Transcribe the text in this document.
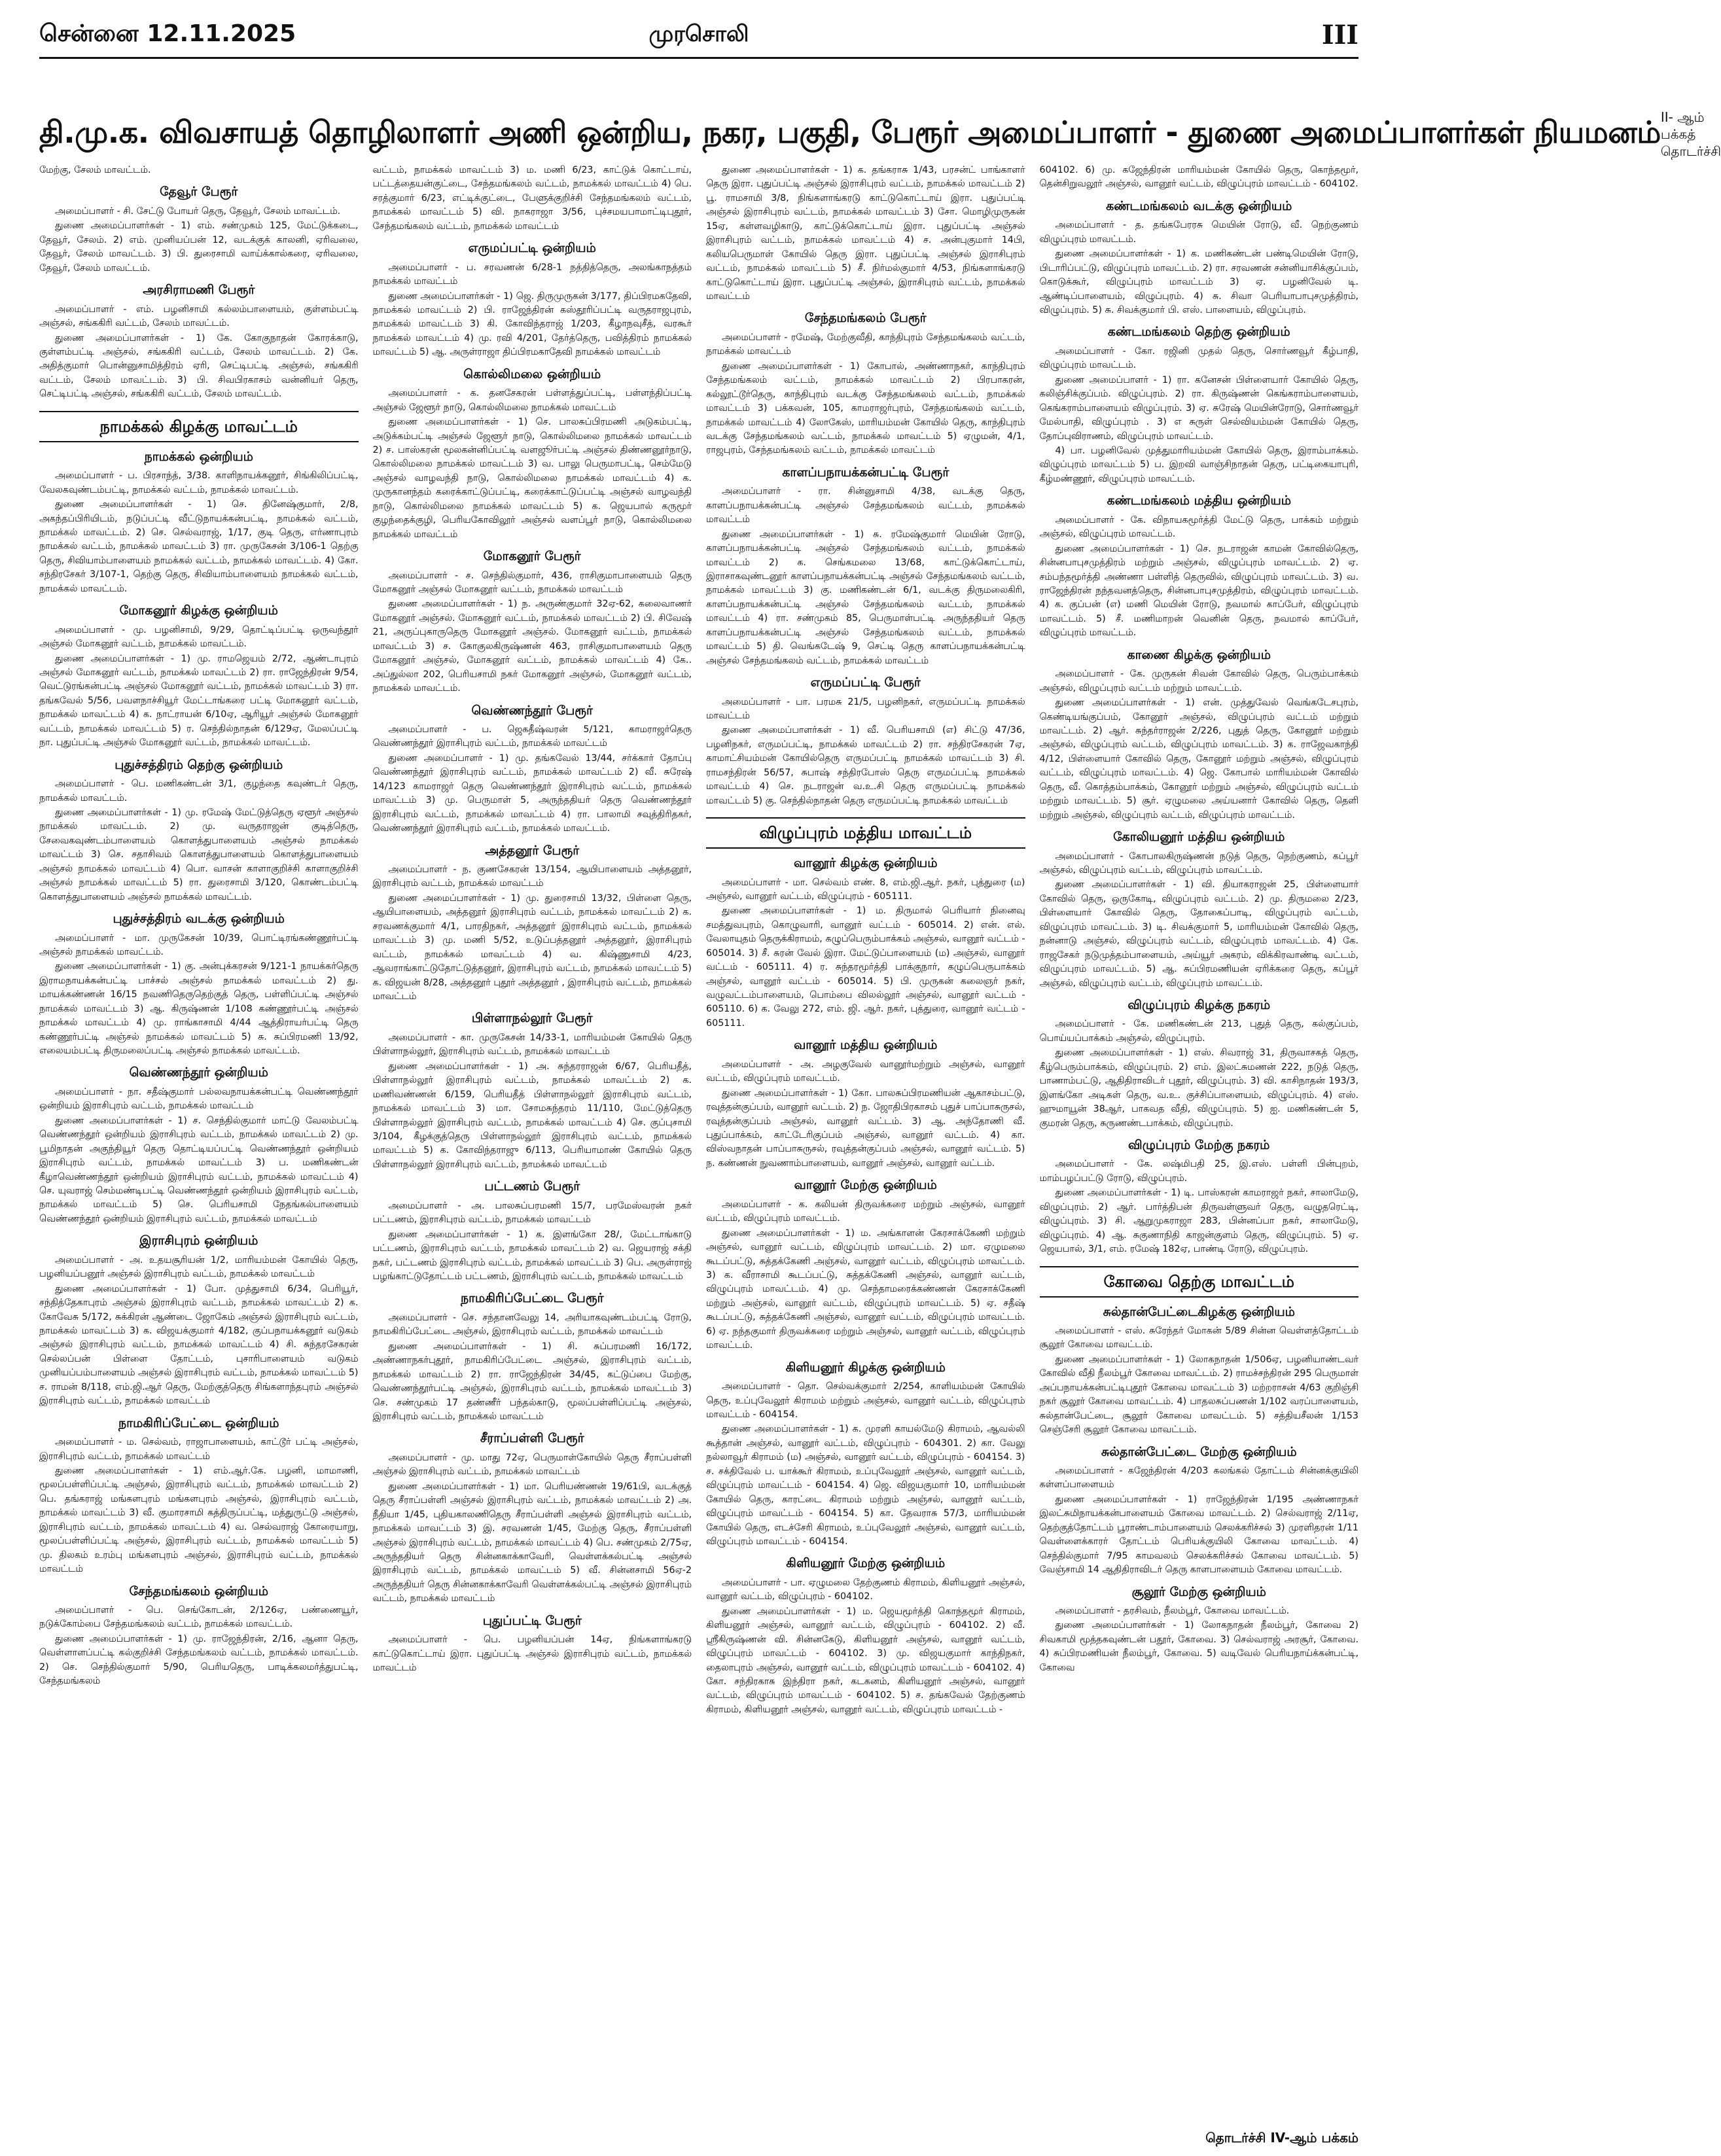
சென்னை 12.11.2025	முரசொலி	III
தி.மு.க. விவசாயத் தொழிலாளர் அணி ஒன்றிய, நகர, பகுதி, பேரூர் அமைப்பாளர் - துணை அமைப்பாளர்கள் நியமனம் II- ஆம் பக்கத் தொடர்ச்சி

மேற்கு, சேலம் மாவட்டம்.

தேவூர் பேரூர்

அமைப்பாளர் - சி. சேட்டு போயர் தெரு, தேவூர், சேலம் மாவட்டம்.

துணை அமைப்பாளர்கள் - 1) எம். சண்முகம் 125, மேட்டுக்கடை, தேவூர், சேலம். 2) எம். முனியப்பன் 12, வடக்குக் காலனி, ஏரிவலை, தேவூர், சேலம் மாவட்டம். 3) பி. துரைசாமி வாய்க்கால்கரை, ஏரிவலை, தேவூர், சேலம் மாவட்டம்.

அரசிராமணி பேரூர்

அமைப்பாளர் - எம். பழனிசாமி கல்லம்பாளையம், குள்ளம்பட்டி அஞ்சல், சங்ககிரி வட்டம், சேலம் மாவட்டம்.

துணை அமைப்பாளர்கள் - 1) கே. கோகுநாதன் கோரக்காடு, குள்ளம்பட்டி அஞ்சல், சங்ககிரி வட்டம், சேலம் மாவட்டம். 2) கே. அதித்குமார் பொன்னுசாமித்திரம் ஏரி, செட்டிபட்டி அஞ்சல், சங்ககிரி வட்டம், சேலம் மாவட்டம். 3) பி. சிவபிரகாசம் வன்னியர் தெரு, செட்டிபட்டி அஞ்சல், சங்ககிரி வட்டம், சேலம் மாவட்டம்.

நாமக்கல் கிழக்கு மாவட்டம்
நாமக்கல் ஒன்றியம்

அமைப்பாளர் - ப. பிரசாந்த், 3/38. காளிநாயக்கனூர், சிங்கிலிப்பட்டி, வேலகவுண்டம்பட்டி, நாமக்கல் வட்டம், நாமக்கல் மாவட்டம்.

துணை அமைப்பாளர்கள் - 1) செ. தினேஷ்குமார், 2/8, அகந்தப்பிரியிடம், நடுப்பட்டி வீட்டுநாயக்கன்பட்டி, நாமக்கல் வட்டம், நாமக்கல் மாவட்டம். 2) செ. செல்வராஜ், 1/17, குடி தெரு, எர்ணாபுரம் நாமக்கல் வட்டம், நாமக்கல் மாவட்டம் 3) ரா. முருகேசன் 3/106-1 தெற்கு தெரு, சிவியாம்பாளையம் நாமக்கல் வட்டம், நாமக்கல் மாவட்டம். 4) கோ. சந்திரசேகர் 3/107-1, தெற்கு தெரு, சிவியாம்பாளையம் நாமக்கல் வட்டம், நாமக்கல் மாவட்டம்.

மோகனூர் கிழக்கு ஒன்றியம்

அமைப்பாளர் - மு. பழனிசாமி, 9/29, தொட்டிப்பட்டி ஒருவந்தூர் அஞ்சல் மோகனூர் வட்டம், நாமக்கல் மாவட்டம்.

துணை அமைப்பாளர்கள் - 1) மு. ராமஜெயம் 2/72, ஆண்டாபுரம் அஞ்சல் மோகனூர் வட்டம், நாமக்கல் மாவட்டம் 2) ரா. ராஜேந்திரன் 9/54, வெட்டுரங்கன்பட்டி அஞ்சல் மோகனூர் வட்டம், நாமக்கல் மாவட்டம் 3) ரா. தங்கவேல் 5/56, பவளநாச்சியூர் மேட்டாங்கரை பட்டி மோகனூர் வட்டம், நாமக்கல் மாவட்டம் 4) க. நாட்ராயன் 6/10ஏ, ஆரியூர் அஞ்சல் மோகனூர் வட்டம், நாமக்கல் மாவட்டம் 5) ர. செந்தில்நாதன் 6/129ஏ, மேலப்பட்டி நா. புதுப்பட்டி அஞ்சல் மோகனூர் வட்டம், நாமக்கல் மாவட்டம்.

புதுச்சத்திரம் தெற்கு ஒன்றியம்

அமைப்பாளர் - பெ. மணிகண்டன் 3/1, குழந்தை கவுண்டர் தெரு, நாமக்கல் மாவட்டம்.

துணை அமைப்பாளர்கள் - 1) மு. ரமேஷ் மேட்டுத்தெரு ஏளூர் அஞ்சல் நாமக்கல் மாவட்டம். 2) மு. வருதராஜன் குடித்தெரு, சேவைகவுண்டம்பாளையம் கொளத்துபாளையம் அஞ்சல் நாமக்கல் மாவட்டம் 3) செ. சதாசிவம் கொளத்துபாளையம் கொளத்துபாளையம் அஞ்சல் நாமக்கல் மாவட்டம் 4) பொ. வாசன் காளாகுறிச்சி காளாகுறிச்சி அஞ்சல் நாமக்கல் மாவட்டம் 5) ரா. துரைசாமி 3/120, கொண்டம்பட்டி கொளத்துபாளையம் அஞ்சல் நாமக்கல் மாவட்டம்.

புதுச்சத்திரம் வடக்கு ஒன்றியம்

அமைப்பாளர் - மா. முருகேசன் 10/39, பொட்டிரங்கண்ணூர்பட்டி அஞ்சல் நாமக்கல் மாவட்டம்.

துணை அமைப்பாளர்கள் - 1) கு. அன்புக்கரசன் 9/121-1 நாயக்கர்தெரு இராமநாயக்கன்பட்டி பாச்சல் அஞ்சல் நாமக்கல் மாவட்டம் 2) து. மாயக்கண்ணன் 16/15 நவணிதெருதெற்குத் தெரு, பள்ளிப்பட்டி அஞ்சல் நாமக்கல் மாவட்டம் 3) ஆ. கிருஷ்ணன் 1/108 கண்ணூர்பட்டி அஞ்சல் நாமக்கல் மாவட்டம் 4) மு. ராங்காசாமி 4/44 ஆத்திராயர்பட்டி தெரு கண்ணூர்பட்டி அஞ்சல் நாமக்கல் மாவட்டம் 5) சு. சுப்பிரமணி 13/92, எலையம்பட்டி திருமலைப்பட்டி அஞ்சல் நாமக்கல் மாவட்டம்.

வெண்ணந்தூர் ஒன்றியம்

அமைப்பாளர் - நா. சதீஷ்குமார் பல்லவநாயக்கன்பட்டி வெண்ணந்தூர் ஒன்றியம் இராசிபுரம் வட்டம், நாமக்கல் மாவட்டம்

துணை அமைப்பாளர்கள் - 1) ச. செந்தில்குமார் மாட்டு வேலம்பட்டி வெண்ணந்தூர் ஒன்றியம் இராசிபுரம் வட்டம், நாமக்கல் மாவட்டம் 2) மு. பூமிநாதன் அகுந்தியூர் தெரு தொட்டியப்பட்டி வெண்ணந்தூர் ஒன்றியம் இராசிபுரம் வட்டம், நாமக்கல் மாவட்டம் 3) ப. மணிகண்டன் கீழாவெண்ணந்தூர் ஒன்றியம் இராசிபுரம் வட்டம், நாமக்கல் மாவட்டம் 4) செ. யுவராஜ் செம்மண்டிபட்டி வெண்ணந்தூர் ஒன்றியம் இராசிபுரம் வட்டம், நாமக்கல் மாவட்டம் 5) செ. பெரியசாமி நேதங்கல்பாளையம் வெண்ணந்தூர் ஒன்றியம் இராசிபுரம் வட்டம், நாமக்கல் மாவட்டம்

இராசிபுரம் ஒன்றியம்

அமைப்பாளர் - அ. உதயசூரியன் 1/2, மாரியம்மன் கோயில் தெரு, பழனியப்பனூர் அஞ்சல் இராசிபுரம் வட்டம், நாமக்கல் மாவட்டம்

துணை அமைப்பாளர்கள் - 1) போ. முத்துசாமி 6/34, பெரியூர், சந்தித்தேகாபுரம் அஞ்சல் இராசிபுரம் வட்டம், நாமக்கல் மாவட்டம் 2) க. கோவேசு 5/172, சுக்கிரன் ஆண்டை ஜோகேம் அஞ்சல் இராசிபுரம் வட்டம், நாமக்கல் மாவட்டம் 3) க. விஜயக்குமார் 4/182, குப்பநாயக்கனூர் வடுகம் அஞ்சல் இராசிபுரம் வட்டம், நாமக்கல் மாவட்டம் 4) சி. சுந்தரசேகரன் செல்லப்பன் பிள்ளை தோட்டம், புசாரிபாளையம் வடுகம் முனியப்பம்பாளையம் அஞ்சல் இராசிபுரம் வட்டம், நாமக்கல் மாவட்டம் 5) ச. ராமன் 8/118, எம்.ஜி.ஆர் தெரு, மேற்குத்தெரு சிங்களாந்தபுரம் அஞ்சல் இராசிபுரம் வட்டம், நாமக்கல் மாவட்டம்

நாமகிரிப்பேட்டை ஒன்றியம்

அமைப்பாளர் - ம. செல்வம், ராஜாபாளையம், காட்டூர் பட்டி அஞ்சல், இராசிபுரம் வட்டம், நாமக்கல் மாவட்டம்

துணை அமைப்பாளர்கள் - 1) எம்.ஆர்.கே. பழனி, மாமாணி, மூலப்பள்ளிப்பட்டி அஞ்சல், இராசிபுரம் வட்டம், நாமக்கல் மாவட்டம் 2) பெ. தங்கராஜ் மங்களபுரம் மங்களபுரம் அஞ்சல், இராசிபுரம் வட்டம், நாமக்கல் மாவட்டம் 3) வீ. குமாரசாமி கத்திருப்பட்டி, மத்துருட்டு அஞ்சல், இராசிபுரம் வட்டம், நாமக்கல் மாவட்டம் 4) வ. செல்வராஜ் கோரையாறு, மூலப்பள்ளிப்பட்டி அஞ்சல், இராசிபுரம் வட்டம், நாமக்கல் மாவட்டம் 5) மு. திலகம் உரம்பு மங்களபுரம் அஞ்சல், இராசிபுரம் வட்டம், நாமக்கல் மாவட்டம்

சேந்தமங்கலம் ஒன்றியம்

அமைப்பாளர் - பெ. செங்கோடன், 2/126ஏ, பண்ணையூர், நடுக்கோம்பை சேந்தமங்கலம் வட்டம், நாமக்கல் மாவட்டம்.

துணை அமைப்பாளர்கள் - 1) மு. ராஜேந்திரன், 2/16, ஆனா தெரு, வெள்ளாளப்பட்டி கல்குறிச்சி சேந்தமங்கலம் வட்டம், நாமக்கல் மாவட்டம். 2) செ. செந்தில்குமார் 5/90, பெரியதெரு, பாடிக்கலமர்த்துபட்டி, சேந்தமங்கலம்

வட்டம், நாமக்கல் மாவட்டம் 3) ம. மணி 6/23, காட்டுக் கொட்டாய், பட்டத்தையன்குட்டை, சேந்தமங்கலம் வட்டம், நாமக்கல் மாவட்டம் 4) பெ. சரத்குமார் 6/23, எட்டிக்குட்டை, பேளுக்குறிச்சி சேந்தமங்கலம் வட்டம், நாமக்கல் மாவட்டம் 5) வி. நாகராஜா 3/56, புச்சமயபாமாட்டிபுதூர், சேந்தமங்கலம் வட்டம், நாமக்கல் மாவட்டம்

எருமப்பட்டி ஒன்றியம்

அமைப்பாளர் - ப. சரவணன் 6/28-1 நத்தித்தெரு, அலங்காநத்தம் நாமக்கல் மாவட்டம்

துணை அமைப்பாளர்கள் - 1) ஜெ. திருமுருகன் 3/177, திப்பிரமகதேவி, நாமக்கல் மாவட்டம் 2) பி. ராஜேந்திரன் கஸ்தூரிப்பட்டி வருதராஜபுரம், நாமக்கல் மாவட்டம் 3) கி. கோவிந்தராஜ் 1/203, கீழாநவுசீத், வரகூர் நாமக்கல் மாவட்டம் 4) மு. ரவி 4/201, தேர்த்தெரு, பவித்திரம் நாமக்கல் மாவட்டம் 5) ஆ. அருள்ராஜா திப்பிரமகாதேவி நாமக்கல் மாவட்டம்

கொல்லிமலை ஒன்றியம்

அமைப்பாளர் - க. தனசேகரன் பள்ளத்துப்பட்டி, பள்ளந்திப்பட்டி அஞ்சல் ஜேளூர் நாடு, கொல்லிமலை நாமக்கல் மாவட்டம்

துணை அமைப்பாளர்கள் - 1) செ. பாலசுப்பிரமணி அடுகம்பட்டி, அடுக்கம்பட்டி அஞ்சல் ஜேளூர் நாடு, கொல்லிமலை நாமக்கல் மாவட்டம் 2) ச. பாஸ்கரன் மூலகன்னிப்பட்டி வளஜூர்பட்டி அஞ்சல் திண்ணனூர்நாடு, கொல்லிமலை நாமக்கல் மாவட்டம் 3) வ. பாலு பெருமாபட்டி, செம்மேடு அஞ்சல் வாழவந்தி நாடு, கொல்லிமலை நாமக்கல் மாவட்டம் 4) க. முருகானந்தம் கரைக்காட்டுப்பட்டி, கரைக்காட்டுப்பட்டி அஞ்சல் வாழவந்தி நாடு, கொல்லிமலை நாமக்கல் மாவட்டம் 5) க. ஜெயபால் கருமூர் குழந்தைக்குழி, பெரியகோவிலூர் அஞ்சல் வளப்பூர் நாடு, கொல்லிமலை நாமக்கல் மாவட்டம்

மோகனூர் பேரூர்

அமைப்பாளர் - ச. செந்தில்குமார், 436, ராசிகுமாபாளையம் தெரு மோகனூர் அஞ்சல் மோகனூர் வட்டம், நாமக்கல் மாவட்டம்

துணை அமைப்பாளர்கள் - 1) ந. அருண்குமார் 32ஏ-62, கலைவாணர் மோகனூர் அஞ்சல். மோகனூர் வட்டம், நாமக்கல் மாவட்டம் 2) பி. சிவேஷ் 21, அருப்புகாருதெரு மோகனூர் அஞ்சல். மோகனூர் வட்டம், நாமக்கல் மாவட்டம் 3) ச. கோகுலகிருஷ்ணன் 463, ராசிகுமாபாளையம் தெரு மோகனூர் அஞ்சல், மோகனூர் வட்டம், நாமக்கல் மாவட்டம் 4) கே.. அப்துல்லா 202, பெரியசாமி நகர் மோகனூர் அஞ்சல், மோகனூர் வட்டம், நாமக்கல் மாவட்டம்.

வெண்ணந்தூர் பேரூர்

அமைப்பாளர் - ப. ஜெகதீஷ்வரன் 5/121, காமராஜர்தெரு வெண்ணந்தூர் இராசிபுரம் வட்டம், நாமக்கல் மாவட்டம்

துணை அமைப்பாளர் - 1) மு. தங்கவேல் 13/44, சர்க்கார் தோப்பு வெண்ணந்தூர் இராசிபுரம் வட்டம், நாமக்கல் மாவட்டம் 2) வீ. சுரேஷ் 14/123 காமராஜர் தெரு வெண்ணந்தூர் இராசிபுரம் வட்டம், நாமக்கல் மாவட்டம் 3) மு. பெருமாள் 5, அருந்ததியர் தெரு வெண்ணந்தூர் இராசிபுரம் வட்டம், நாமக்கல் மாவட்டம் 4) ரா. பாலாமி சவுத்திரிதகர், வெண்ணந்தூர் இராசிபுரம் வட்டம், நாமக்கல் மாவட்டம்.

அத்தனூர் பேரூர்

அமைப்பாளர் - ந. குணசேகரன் 13/154, ஆயிபாளையம் அத்தனூர், இராசிபுரம் வட்டம், நாமக்கல் மாவட்டம்

துணை அமைப்பாளர்கள் - 1) மு. துரைசாமி 13/32, பிள்ளை தெரு, ஆயிபாளையம், அத்தனூர் இராசிபுரம் வட்டம், நாமக்கல் மாவட்டம் 2) க. சரவணக்குமார் 4/1, பாரதிநகர், அத்தனூர் இராசிபுரம் வட்டம், நாமக்கல் மாவட்டம் 3) மு. மணி 5/52, உடுப்பத்தனூர் அத்தனூர், இராசிபுரம் வட்டம், நாமக்கல் மாவட்டம் 4) வ. கிஷ்ணுசாமி 4/23, ஆவராங்காட்டுதோட்டுத்தனூர், இராசிபுரம் வட்டம், நாமக்கல் மாவட்டம் 5) க. விஜயன் 8/28, அத்தனூர் புதூர் அத்தனூர் , இராசிபுரம் வட்டம், நாமக்கல் மாவட்டம்

பிள்ளாநல்லூர் பேரூர்

அமைப்பாளர் - கா. முருகேசன் 14/33-1, மாரியம்மன் கோயில் தெரு பிள்ளாநல்லூர், இராசிபுரம் வட்டம், நாமக்கல் மாவட்டம்

துணை அமைப்பாளர்கள் - 1) அ. சுந்தரராஜன் 6/67, பெரியதீத், பிள்ளாநல்லூர் இராசிபுரம் வட்டம், நாமக்கல் மாவட்டம் 2) க. மணிவண்ணன் 6/159, பெரியதீத் பிள்ளாநல்லூர் இராசிபுரம் வட்டம், நாமக்கல் மாவட்டம் 3) மா. சோமசுந்தரம் 11/110, மேட்டுத்தெரு பிள்ளாநல்லூர் இராசிபுரம் வட்டம், நாமக்கல் மாவட்டம் 4) செ. குப்புசாமி 3/104, கீழக்குத்தெரு பிள்ளாநல்லூர் இராசிபுரம் வட்டம், நாமக்கல் மாவட்டம் 5) க. கோவிந்தராஜு 6/113, பெரியாமாண் கோயில் தெரு பிள்ளாநல்லூர் இராசிபுரம் வட்டம், நாமக்கல் மாவட்டம்

பட்டணம் பேரூர்

அமைப்பாளர் - அ. பாலசுப்பரமணி 15/7, பரமேஸ்வரன் நகர் பட்டணம், இராசிபுரம் வட்டம், நாமக்கல் மாவட்டம்

துணை அமைப்பாளர்கள் - 1) க. இளங்கோ 28/, மேட்டாங்காடு பட்டணம், இராசிபுரம் வட்டம், நாமக்கல் மாவட்டம் 2) வ. ஜெயராஜ் சக்தி நகர், பட்டணம் இராசிபுரம் வட்டம், நாமக்கல் மாவட்டம் 3) பெ. அருள்ராஜ் பழங்காட்டுதோட்டம் பட்டணம், இராசிபுரம் வட்டம், நாமக்கல் மாவட்டம்

நாமகிரிப்பேட்டை பேரூர்

அமைப்பாளர் - செ. சந்தானவேலு 14, அரியாகவுண்டம்பட்டி ரோடு, நாமகிரிப்பேட்டை அஞ்சல், இராசிபுரம் வட்டம், நாமக்கல் மாவட்டம்

துணை அமைப்பாளர்கள் - 1) சி. சுப்பரமணி 16/172, அண்ணாநகர்புதூர், நாமகிரிப்பேட்டை அஞ்சல், இராசிபுரம் வட்டம், நாமக்கல் மாவட்டம் 2) ரா. ராஜேந்திரன் 34/45, கட்டுப்பை மேற்கு, வெண்ணந்தூர்பட்டி அஞ்சல், இராசிபுரம் வட்டம், நாமக்கல் மாவட்டம் 3) செ. சண்முகம் 17 தண்ணீர் பந்தல்காடு, மூலப்பள்ளிப்பட்டி அஞ்சல், இராசிபுரம் வட்டம், நாமக்கல் மாவட்டம்

சீராப்பள்ளி பேரூர்

அமைப்பாளர் - மு. மாது 72ஏ, பெருமாள்கோயில் தெரு சீராப்பள்ளி அஞ்சல் இராசிபுரம் வட்டம், நாமக்கல் மாவட்டம்

துணை அமைப்பாளர்கள் - 1) மா. பெரியண்ணன் 19/61பி, வடக்குத் தெரு சீராப்பள்ளி அஞ்சல் இராசிபுரம் வட்டம், நாமக்கல் மாவட்டம் 2) அ. நீதியா 1/45, புதியகாலணிதெரு சீராப்பள்ளி அஞ்சல் இராசிபுரம் வட்டம், நாமக்கல் மாவட்டம் 3) இ. சரவணன் 1/45, மேற்கு தெரு, சீராப்பள்ளி அஞ்சல் இராசிபுரம் வட்டம், நாமக்கல் மாவட்டம் 4) பெ. சண்முகம் 2/75ஏ, அருந்ததியர் தெரு சின்னகாக்காவேரி, வெள்ளக்கல்பட்டி அஞ்சல் இராசிபுரம் வட்டம், நாமக்கல் மாவட்டம் 5) வீ. சின்னசாமி 56ஏ-2 அருந்ததியர் தெரு சின்னகாக்காவேரி வெள்ளக்கல்பட்டி அஞ்சல் இராசிபுரம் வட்டம், நாமக்கல் மாவட்டம்

புதுப்பட்டி பேரூர்

அமைப்பாளர் - பெ. பழனியப்பன் 14ஏ, நிங்களாங்கரடு காட்டுகொட்டாய் இரா. புதுப்பட்டி அஞ்சல் இராசிபுரம் வட்டம், நாமக்கல் மாவட்டம்

துணை அமைப்பாளர்கள் - 1) க. தங்கராசு 1/43, பரசன்ட் பாங்காளர் தெரு இரா. புதுப்பட்டி அஞ்சல் இராசிபுரம் வட்டம், நாமக்கல் மாவட்டம் 2) பூ. ராமசாமி 3/8, நிங்களாங்கரடு காட்டுகொட்டாய் இரா. புதுப்பட்டி அஞ்சல் இராசிபுரம் வட்டம், நாமக்கல் மாவட்டம் 3) சோ. மொழிமுருகன் 15ஏ, கள்ளவழிகாடு, காட்டுக்கொட்டாய் இரா. புதுப்பட்டி அஞ்சல் இராசிபுரம் வட்டம், நாமக்கல் மாவட்டம் 4) ச. அன்புகுமார் 14பி, கலியபெருமாள் கோயில் தெரு இரா. புதுப்பட்டி அஞ்சல் இராசிபுரம் வட்டம், நாமக்கல் மாவட்டம் 5) சீ. நிர்மல்குமார் 4/53, நிங்களாங்கரடு காட்டுகொட்டாய் இரா. புதுப்பட்டி அஞ்சல், இராசிபுரம் வட்டம், நாமக்கல் மாவட்டம்

சேந்தமங்கலம் பேரூர்

அமைப்பாளர் - ரமேஷ், மேற்குவீதி, காந்திபுரம் சேந்தமங்கலம் வட்டம், நாமக்கல் மாவட்டம்

துணை அமைப்பாளர்கள் - 1) கோபால், அண்ணாநகர், காந்திபுரம் சேந்தமங்கலம் வட்டம், நாமக்கல் மாவட்டம் 2) பிரபாகரன், கல்லூட்டூர்தெரு, காந்திபுரம் வடக்கு சேந்தமங்கலம் வட்டம், நாமக்கல் மாவட்டம் 3) பக்கவன், 105, காமராஜர்புரம், சேந்தமங்கலம் வட்டம், நாமக்கல் மாவட்டம் 4) லோகேஸ், மாரியம்மன் கோயில் தெரு, காந்திபுரம் வடக்கு சேந்தமங்கலம் வட்டம், நாமக்கல் மாவட்டம் 5) ஏழுமன், 4/1, ராஜபுரம், சேந்தமங்கலம் வட்டம், நாமக்கல் மாவட்டம்

காளப்பநாயக்கன்பட்டி பேரூர்

அமைப்பாளர் - ரா. சின்னுசாமி 4/38, வடக்கு தெரு, காளப்பநாயக்கன்பட்டி அஞ்சல் சேந்தமங்கலம் வட்டம், நாமக்கல் மாவட்டம்

துணை அமைப்பாளர்கள் - 1) சு. ரமேஷ்குமார் மெயின் ரோடு, காளப்பநாயக்கன்பட்டி அஞ்சல் சேந்தமங்கலம் வட்டம், நாமக்கல் மாவட்டம் 2) க. செங்கமலை 13/68, காட்டுக்கொட்டாய், இராசாகவுண்டனூர் காளப்பநாயக்கன்பட்டி அஞ்சல் சேந்தமங்கலம் வட்டம், நாமக்கல் மாவட்டம் 3) கு. மணிகண்டன் 6/1, வடக்கு திருமலைகிரி, காளப்பநாயக்கன்பட்டி அஞ்சல் சேந்தமங்கலம் வட்டம், நாமக்கல் மாவட்டம் 4) ரா. சண்முகம் 85, பெருமாள்பட்டி அருந்ததியர் தெரு காளப்பநாயக்கன்பட்டி அஞ்சல் சேந்தமங்கலம் வட்டம், நாமக்கல் மாவட்டம் 5) தி. வெங்கடேஷ் 9, செட்டி தெரு காளப்பநாயக்கன்பட்டி அஞ்சல் சேந்தமங்கலம் வட்டம், நாமக்கல் மாவட்டம்

எருமப்பட்டி பேரூர்

அமைப்பாளர் - பா. பரமசு 21/5, பழனிநகர், எருமப்பட்டி நாமக்கல் மாவட்டம்

துணை அமைப்பாளர்கள் - 1) வீ. பெரியசாமி (எ) சிட்டு 47/36, பழனிநகர், எருமப்பட்டி, நாமக்கல் மாவட்டம் 2) ரா. சந்திரசேகரன் 7ஏ, காமாட்சியம்மன் கோயில்தெரு எருமப்பட்டி நாமக்கல் மாவட்டம் 3) சி. ராமசந்திரன் 56/57, சுபாஷ் சந்திரபோஸ் தெரு எருமப்பட்டி நாமக்கல் மாவட்டம் 4) செ. நடராஜன் வ.உ.சி தெரு எருமப்பட்டி நாமக்கல் மாவட்டம் 5) கு. செந்தில்நாதன் தெரு எருமப்பட்டி நாமக்கல் மாவட்டம்

விழுப்புரம் மத்திய மாவட்டம்
வானூர் கிழக்கு ஒன்றியம்

அமைப்பாளர் - மா. செல்வம் எண். 8, எம்.ஜி.ஆர். நகர், புத்துரை (ம) அஞ்சல், வானூர் வட்டம், விழுப்புரம் - 605111.

துணை அமைப்பாளர்கள் - 1) ம. திருமால் பெரியார் நினைவு சமத்துவபுரம், கொழுவாரி, வானூர் வட்டம் - 605014. 2) என். எல். வேலாயுதம் தெருக்கிராமம், கழுப்பெரும்பாக்கம் அஞ்சல், வானூர் வட்டம் - 605014. 3) சீ. சுரன் வேல் இரா. மேட்டுப்பாளையம் (ம) அஞ்சல், வானூர் வட்டம் - 605111. 4) ர. சுந்தரமூர்த்தி பாக்குநார், கழுப்பெருபாக்கம் அஞ்சல், வானூர் வட்டம் - 605014. 5) பி. முருகன் கலைஞர் நகர், வழுவட்டம்பாளையம், பொம்பை விலல்லூர் அஞ்சல், வானூர் வட்டம் - 605110. 6) க. வேலு 272, எம். ஜி. ஆர். நகர், புத்துரை, வானூர் வட்டம் - 605111.

வானூர் மத்திய ஒன்றியம்

அமைப்பாளர் - அ. அழகுவேல் வானூர்மற்றும் அஞ்சல், வானூர் வட்டம், விழுப்புரம் மாவட்டம்.

துணை அமைப்பாளர்கள் - 1) கோ. பாலசுப்பிரமணியன் ஆகாசம்பட்டு, ரவுத்தன்குப்பம், வானூர் வட்டம். 2) ந. ஜோதிபிரகாசம் புதுச் பாப்பாசுருசல், ரவுத்தன்குப்பம் அஞ்சல், வானூர் வட்டம். 3) ஆ. அந்தோணி வீ. புதுப்பாக்கம், காட்டேரிகுப்பம் அஞ்சல், வானூர் வட்டம். 4) கா. விஸ்வநாதன் பாப்பாசுருசல், ரவுத்தன்குப்பம் அஞ்சல், வானூர் வட்டம். 5) ந. கண்ணன் நுவணாம்பாளையம், வானூர் அஞ்சல், வானூர் வட்டம்.

வானூர் மேற்கு ஒன்றியம்

அமைப்பாளர் - க. கலியன் திருவக்கரை மற்றும் அஞ்சல், வானூர் வட்டம், விழுப்புரம் மாவட்டம்.

துணை அமைப்பாளர்கள் - 1) ம. அங்காளன் கேரசாக்கேணி மற்றும் அஞ்சல், வானூர் வட்டம், விழுப்புரம் மாவட்டம். 2) மா. ஏழுமலை கூடப்பட்டு, சுத்தக்கேணி அஞ்சல், வானூர் வட்டம், விழுப்புரம் மாவட்டம். 3) க. வீராசாமி கூடப்பட்டு, சுத்தக்கேணி அஞ்சல், வானூர் வட்டம், விழுப்புரம் மாவட்டம். 4) மு. செந்தாமரைக்கண்ணன் கேரசாக்கேணி மற்றும் அஞ்சல், வானூர் வட்டம், விழுப்புரம் மாவட்டம். 5) ஏ. சதீஷ் கூடப்பட்டு, சுத்தக்கேணி அஞ்சல், வானூர் வட்டம், விழுப்புரம் மாவட்டம். 6) ஏ. நந்தகுமார் திருவக்கரை மற்றும் அஞ்சல், வானூர் வட்டம், விழுப்புரம் மாவட்டம்.

கிளியனூர் கிழக்கு ஒன்றியம்

அமைப்பாளர் - தொ. செல்வக்குமார் 2/254, காளியம்மன் கோயில் தெரு, உப்புவேலூர் கிராமம் மற்றும் அஞ்சல், வானூர் வட்டம், விழுப்புரம் மாவட்டம் - 604154.

துணை அமைப்பாளர்கள் - 1) க. முரளி காயல்மேடு கிராமம், ஆவல்லி கூத்தான் அஞ்சல், வானூர் வட்டம், விழுப்புரம் - 604301. 2) கா. வேலு நல்லாவூர் கிராமம் (ம) அஞ்சல், வானூர் வட்டம், விழுப்புரம் - 604154. 3) ச. சக்திவேல் ப. யாக்கூர் கிராமம், உப்புவேலூர் அஞ்சல், வானூர் வட்டம், விழுப்புரம் மாவட்டம் - 604154. 4) ஜெ. விஜயகுமார் 10, மாரியம்மன் கோயில் தெரு, காரட்டை கிராமம் மற்றும் அஞ்சல், வானூர் வட்டம், விழுப்புரம் மாவட்டம் - 604154. 5) கா. தேவராசு 57/3, மாரியம்மன் கோயில் தெரு, எடச்சேரி கிராமம், உப்புவேலூர் அஞ்சல், வானூர் வட்டம், விழுப்புரம் மாவட்டம் - 604154.

கிளியனூர் மேற்கு ஒன்றியம்

அமைப்பாளர் - பா. ஏழுமலை தேற்குணம் கிராமம், கிளியனூர் அஞ்சல், வானூர் வட்டம், விழுப்புரம் - 604102.

துணை அமைப்பாளர்கள் - 1) ம. ஜெயமூர்த்தி கொந்தமூர் கிராமம், கிளியனூர் அஞ்சல், வானூர் வட்டம், விழுப்புரம் - 604102. 2) வீ. ஸ்ரீகிருஷ்ணன் வி. சின்னகேடு, கிளியனூர் அஞ்சல், வானூர் வட்டம், விழுப்புரம் மாவட்டம் - 604102. 3) மு. விஜயகுமார் காந்திநகர், தைலாபுரம் அஞ்சல், வானூர் வட்டம், விழுப்புரம் மாவட்டம் - 604102. 4) கோ. சந்திரகாசு இந்திரா நகர், கடகனம், கிளியனூர் அஞ்சல், வானூர் வட்டம், விழுப்புரம் மாவட்டம் - 604102. 5) ச. தங்கவேல் தேற்குணம் கிராமம், கிளியனூர் அஞ்சல், வானூர் வட்டம், விழுப்புரம் மாவட்டம் -

604102. 6) மு. கஜேந்திரன் மாரியம்மன் கோயில் தெரு, கொந்தமூர், தென்சிறுவலூர் அஞ்சல், வானூர் வட்டம், விழுப்புரம் மாவட்டம் - 604102.

கண்டமங்கலம் வடக்கு ஒன்றியம்

அமைப்பாளர் - த. தங்கபேரரசு மெயின் ரோடு, வீ. நெற்குணம் விழுப்புரம் மாவட்டம்.

துணை அமைப்பாளர்கள் - 1) க. மணிகண்டன் பண்டிமெயின் ரோடு, பிடாரிப்பட்டு, விழுப்புரம் மாவட்டம். 2) ரா. சரவணன் சன்னியாசிக்குப்பம், கொடுக்கூர், விழுப்புரம் மாவட்டம் 3) ஏ. பழனிவேல் டி. ஆண்டிப்பாளையம், விழுப்புரம். 4) சு. சிவா பெரியாபாபுசமுத்திரம், விழுப்புரம். 5) சு. சிவக்குமார் பி. எஸ். பாளையம், விழுப்புரம்.

கண்டமங்கலம் தெற்கு ஒன்றியம்

அமைப்பாளர் - கோ. ரஜினி முதல் தெரு, சொர்ணவூர் கீழ்பாதி, விழுப்புரம் மாவட்டம்.

துணை அமைப்பாளர் - 1) ரா. கனேசன் பிள்ளையார் கோயில் தெரு, கலிஞ்சிக்குப்பம். விழுப்புரம். 2) ரா. கிருஷ்ணன் கெங்கராம்பாளையம், கெங்கராம்பாளையம் விழுப்புரம். 3) ஏ. சுரேஷ் மெயின்ரோடு, சொர்ணவூர் மேல்பாதி, விழுப்புரம் . 3) எ சுருள் செல்வியம்மன் கோயில் தெரு, தோப்புவிராணம், விழுப்புரம் மாவட்டம்.

4) பா. பழனிவேல் முத்துமாரியம்மன் கோயில் தெரு, இராம்பாக்கம். விழுப்புரம் மாவட்டம் 5) ப. இறவி வாஞ்சிநாதன் தெரு, பட்டிகையாபுரி, கீழ்மண்ணூர், விழுப்புரம் மாவட்டம்.

கண்டமங்கலம் மத்திய ஒன்றியம்

அமைப்பாளர் - கே. விநாயகமூர்த்தி மேட்டு தெரு, பாக்கம் மற்றும் அஞ்சல், விழுப்புரம் மாவட்டம்.

துணை அமைப்பாளர்கள் - 1) செ. நடராஜன் காமன் கோவில்தெரு, சின்னபாபுசமுத்திரம் மற்றும் அஞ்சல், விழுப்புரம் மாவட்டம். 2) ஏ. சம்பந்தமூர்த்தி அண்ணா பள்ளித் தெருவில், விழுப்புரம் மாவட்டம். 3) வ. ராஜேந்திரன் நந்தவனத்தெரு, சின்னபாபுசமுத்திரம், விழுப்புரம் மாவட்டம். 4) க. குப்பன் (எ) மணி மெயின் ரோடு, நவமால் காப்பேர், விழுப்புரம் மாவட்டம். 5) சீ. மணிமாறன் வெனின் தெரு, நவமால் காப்பேர், விழுப்புரம் மாவட்டம்.

காணை கிழக்கு ஒன்றியம்

அமைப்பாளர் - கே. முருகன் சிவன் கோவில் தெரு, பெரும்பாக்கம் அஞ்சல், விழுப்புரம் வட்டம் மற்றும் மாவட்டம்.

துணை அமைப்பாளர்கள் - 1) என். முத்துவேல் வெங்கடேசபுரம், கெண்டியங்குப்பம், கோனூர் அஞ்சல், விழுப்புரம் வட்டம் மற்றும் மாவட்டம். 2) ஆர். சுந்தர்ராஜன் 2/226, புதுத் தெரு, கோனூர் மற்றும் அஞ்சல், விழுப்புரம் வட்டம், விழுப்புரம் மாவட்டம். 3) க. ராஜேவகாந்தி 4/12, பிள்ளையார் கோவில் தெரு, கோனூர் மற்றும் அஞ்சல், விழுப்புரம் வட்டம், விழுப்புரம் மாவட்டம். 4) ஜெ. கோபால் மாரியம்மன் கோவில் தெரு, வீ. கொத்தம்பாக்கம், கோனூர் மற்றும் அஞ்சல், விழுப்புரம் வட்டம் மற்றும் மாவட்டம். 5) சூர். ஏழுமலை அய்யனார் கோவில் தெரு, தெளி மற்றும் அஞ்சல், விழுப்புரம் வட்டம், விழுப்புரம் மாவட்டம்.

கோலியனூர் மத்திய ஒன்றியம்

அமைப்பாளர் - கோபாலகிருஷ்ணன் நடுத் தெரு, நெற்குணம், கப்பூர் அஞ்சல், விழுப்புரம் வட்டம், விழுப்புரம் மாவட்டம்.

துணை அமைப்பாளர்கள் - 1) வி. தியாகராஜன் 25, பிள்ளையார் கோவில் தெரு, ஒருகோடி, விழுப்புரம் வட்டம். 2) மு. திருமலை 2/23, பிள்ளையார் கோவில் தெரு, தோகைப்பாடி, விழுப்புரம் வட்டம், விழுப்புரம் மாவட்டம். 3) டி. சிவக்குமார் 5, மாரியம்மன் கோவில் தெரு, நன்னாடு அஞ்சல், விழுப்புரம் வட்டம், விழுப்புரம் மாவட்டம். 4) கே. ராஜசேகர் நடுமுத்தம்பாளையம், அய்யூர் அகரம், விக்கிரவாண்டி வட்டம், விழுப்புரம் மாவட்டம். 5) ஆ. சுப்பிரமணியன் ஏரிக்கரை தெரு, கப்பூர் அஞ்சல், விழுப்புரம் வட்டம், விழுப்புரம் மாவட்டம்.

விழுப்புரம் கிழக்கு நகரம்

அமைப்பாளர் - கே. மணிகண்டன் 213, புதுத் தெரு, கல்குப்பம், பொய்யப்பாக்கம் அஞ்சல், விழுப்புரம்.

துணை அமைப்பாளர்கள் - 1) எஸ். சிவராஜ் 31, திருவாசகத் தெரு, கீழ்பெரும்பாக்கம், விழுப்புரம். 2) எம். இலட்சுமணன் 222, நடுத் தெரு, பாணாம்பட்டு, ஆதிதிராவிடர் புதூர், விழுப்புரம். 3) வி. காசிநாதன் 193/3, இளங்கோ அடிகள் தெரு, வ.உ. குச்சிப்பாளையம், விழுப்புரம். 4) எஸ். ஹுமாயூன் 38ஆர், பாகவத வீதி, விழுப்புரம். 5) ஐ. மணிகண்டன் 5, குமரன் தெரு, சுருணண்டபாக்கம், விழுப்புரம்.

விழுப்புரம் மேற்கு நகரம்

அமைப்பாளர் - கே. லஷ்மிபதி 25, இ.எஸ். பள்ளி பின்புறம், மாம்பழப்பட்டு ரோடு, விழுப்புரம்.

துணை அமைப்பாளர்கள் - 1) டி. பாஸ்கரன் காமராஜர் நகர், சாலாமேடு, விழுப்புரம். 2) ஆர். பார்த்திபன் திருவள்ளுவர் தெரு, வழுதரெட்டி, விழுப்புரம். 3) சி. ஆறுமுகராஜா 283, பின்னப்பா நகர், சாலாமேடு, விழுப்புரம். 4) ஆ. சுகுணாநிதி காஜன்குளம் தெரு, விழுப்புரம். 5) ஏ. ஜெயபால், 3/1, எம். ரமேஷ் 182ஏ, பாண்டி ரோடு, விழுப்புரம்.

கோவை தெற்கு மாவட்டம்
சுல்தான்பேட்டைகிழக்கு ஒன்றியம்

அமைப்பாளர் - எஸ். சுரேந்தர் மோகன் 5/89 சின்ன வெள்ளத்தோட்டம் சூலூர் கோவை மாவட்டம்.

துணை அமைப்பாளர்கள் - 1) லோகநாதன் 1/506ஏ, பழனியாண்டவர் கோவில் வீதி நீலம்பூர் கோவை மாவட்டம். 2) ராமச்சந்திரன் 295 பெருமாள் அப்பநாயக்கன்பட்டிபுதூர் கோவை மாவட்டம் 3) மற்றராசன் 4/63 குறிஞ்சி நகர் சூலூர் கோவை மாவட்டம். 4) பாதலசுப்பணன் 1/102 வரப்பாளையம், சுல்தான்பேட்டை, சூலூர் கோவை மாவட்டம். 5) சத்தியசீலன் 1/153 செஞ்சேரி சூலூர் கோவை மாவட்டம்.

சுல்தான்பேட்டை மேற்கு ஒன்றியம்

அமைப்பாளர் - கஜேந்திரன் 4/203 கலங்கல் தோட்டம் சின்னக்குயிலி கள்ளப்பாளையம்

துணை அமைப்பாளர்கள் - 1) ராஜேந்திரன் 1/195 அண்ணாநகர் இலட்சுமிநாயக்கன்பாளையம் கோவை மாவட்டம். 2) செல்வராஜ் 2/11ஏ, தெற்குத்தோட்டம் பூராண்டாம்பாளையம் செலக்கரிச்சல் 3) முரளிதரன் 1/11 வெள்ளைக்காரர் தோட்டம் பெரியக்குயிலி கோவை மாவட்டம். 4) செந்தில்குமார் 7/95 காமவலம் செலக்கரிச்சல் கோவை மாவட்டம். 5) வேஞ்சாமி 14 ஆதிதிராவிடர் தெரு காளபாளையம் கோவை மாவட்டம்.

சூலூர் மேற்கு ஒன்றியம்

அமைப்பாளர் - தரசிவம், நீலம்பூர், கோவை மாவட்டம்.

துணை அமைப்பாளர்கள் - 1) லோகநாதன் நீலம்பூர், கோவை 2) சிவகாமி மூத்தகவுண்டன் பதூர், கோவை. 3) செல்வராஜ் அரசூர், கோவை. 4) சுப்பிரமணியன் நீலம்பூர், கோவை. 5) வடிவேல் பெரியநாய்க்கன்பட்டி, கோவை

தொடர்ச்சி IV-ஆம் பக்கம்
